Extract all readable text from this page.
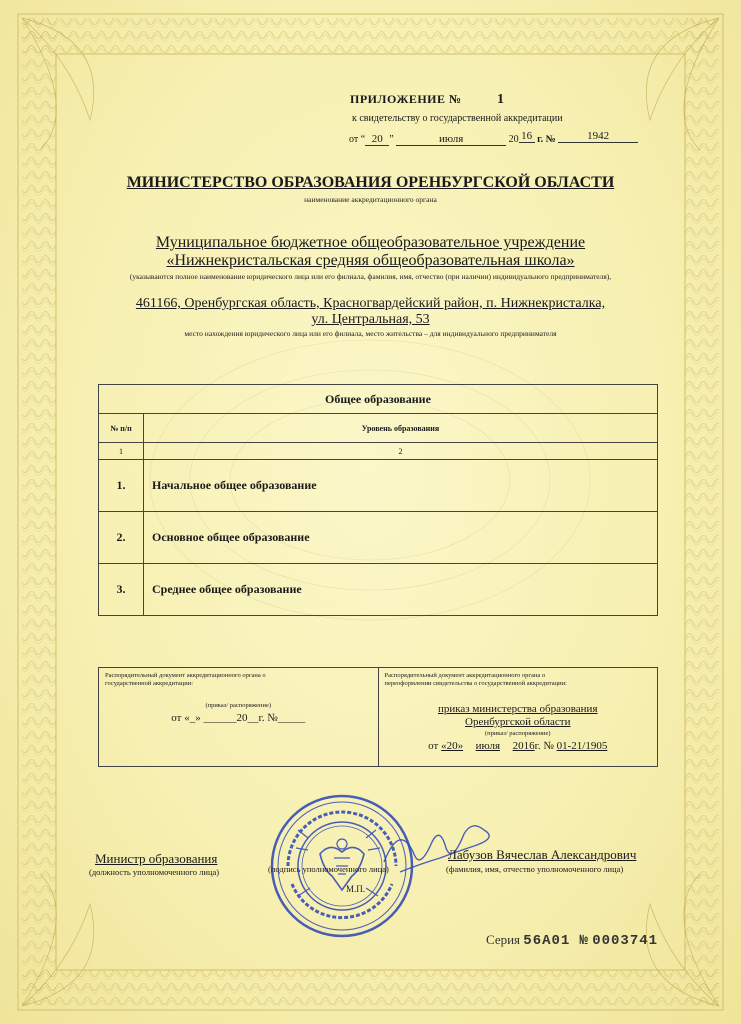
ПРИЛОЖЕНИЕ №	1
к свидетельству о государственной аккредитации
от “ 20 ”	июля	20 16 г. №	1942
МИНИСТЕРСТВО ОБРАЗОВАНИЯ ОРЕНБУРГСКОЙ ОБЛАСТИ
наименование аккредитационного органа
Муниципальное бюджетное общеобразовательное учреждение
«Нижнекристальская средняя общеобразовательная школа»
(указываются полное наименование юридического лица или его филиала, фамилия, имя, отчество (при наличии) индивидуального предпринимателя),
461166, Оренбургская область, Красногвардейский район, п. Нижнекристалка,
ул. Центральная, 53
место нахождения юридического лица или его филиала, место жительства – для индивидуального предпринимателя
Общее образование	
№ п/п	Уровень образования
1	2
1.	Начальное общее образование
2.	Основное общее образование
3.	Среднее общее образование
Распорядительный документ аккредитационного органа о государственной аккредитации:
(приказ/ распоряжение)
от «_» ______20__г. №_____
Распорядительный документ аккредитационного органа о переоформлении свидетельства о государственной аккредитации:
приказ министерства образования
Оренбургской области
(приказ/ распоряжение)
от «20» июля 2016г. № 01-21/1905
Министр образования
(должность уполномоченного лица)	(подпись уполномоченного лица)
М.П.
Лабузов Вячеслав Александрович
(фамилия, имя, отчество уполномоченного лица)
Серия 56А01 № 0003741
